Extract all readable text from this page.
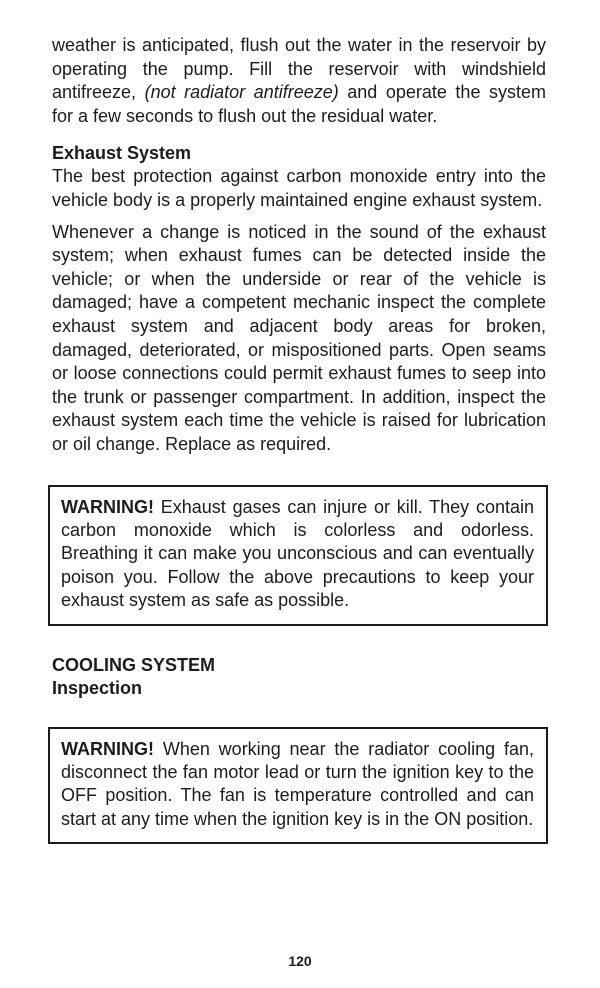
weather is anticipated, flush out the water in the reservoir by operating the pump. Fill the reservoir with windshield antifreeze, (not radiator antifreeze) and operate the system for a few seconds to flush out the residual water.

Exhaust System

The best protection against carbon monoxide entry into the vehicle body is a properly maintained engine exhaust system.

Whenever a change is noticed in the sound of the exhaust system; when exhaust fumes can be detected inside the vehicle; or when the underside or rear of the vehicle is damaged; have a competent mechanic inspect the complete exhaust system and adjacent body areas for broken, damaged, deteriorated, or mispositioned parts. Open seams or loose connections could permit exhaust fumes to seep into the trunk or passenger compartment. In addition, inspect the exhaust system each time the vehicle is raised for lubrication or oil change. Replace as required.

WARNING! Exhaust gases can injure or kill. They contain carbon monoxide which is colorless and odorless. Breathing it can make you unconscious and can eventually poison you. Follow the above precautions to keep your exhaust system as safe as possible.

COOLING SYSTEM
Inspection

WARNING! When working near the radiator cooling fan, disconnect the fan motor lead or turn the ignition key to the OFF position. The fan is temperature controlled and can start at any time when the ignition key is in the ON position.

120
